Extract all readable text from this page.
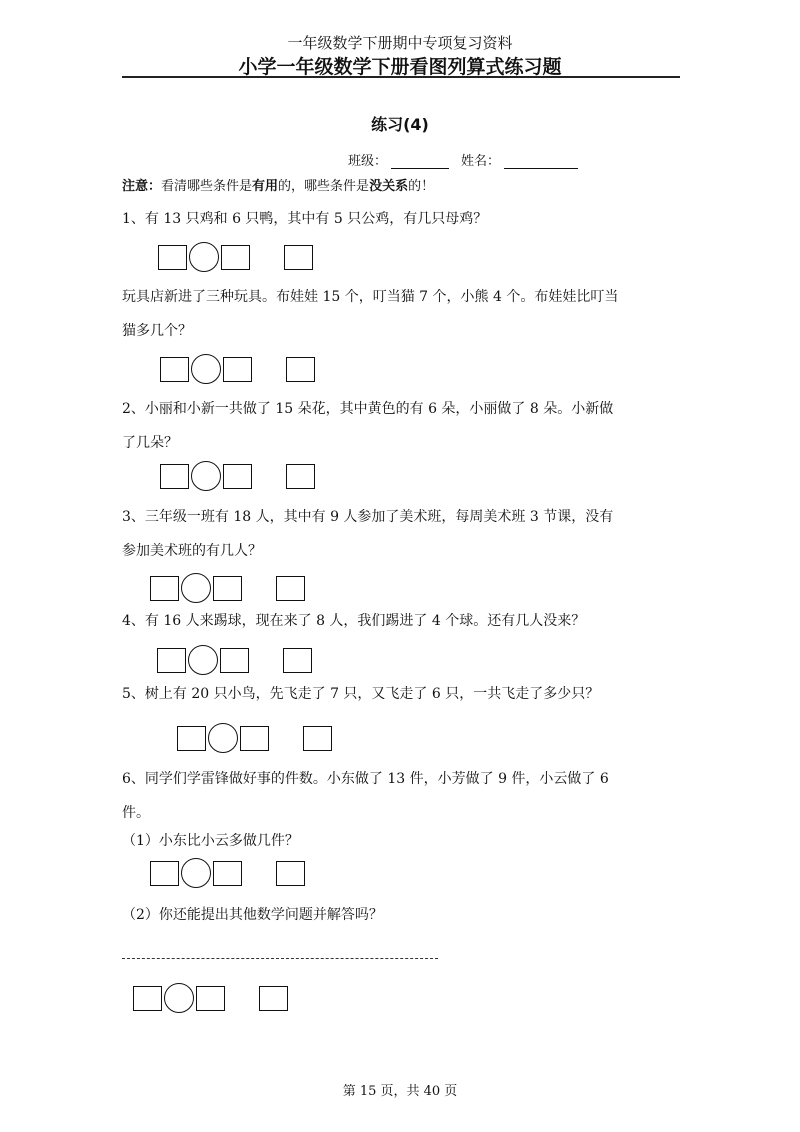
一年级数学下册期中专项复习资料
小学一年级数学下册看图列算式练习题
练习(4)
班级：	姓名：
注意：看清哪些条件是有用的，哪些条件是没关系的！
1、有 13 只鸡和 6 只鸭，其中有 5 只公鸡，有几只母鸡？
玩具店新进了三种玩具。布娃娃 15 个，叮当猫 7 个，小熊 4 个。布娃娃比叮当
猫多几个？
2、小丽和小新一共做了 15 朵花，其中黄色的有 6 朵，小丽做了 8 朵。小新做
了几朵？
3、三年级一班有 18 人，其中有 9 人参加了美术班，每周美术班 3 节课，没有
参加美术班的有几人？
4、有 16 人来踢球，现在来了 8 人，我们踢进了 4 个球。还有几人没来？
5、树上有 20 只小鸟，先飞走了 7 只，又飞走了 6 只，一共飞走了多少只？
6、同学们学雷锋做好事的件数。小东做了 13 件，小芳做了 9 件，小云做了 6
件。
（1）小东比小云多做几件？
（2）你还能提出其他数学问题并解答吗？
第 15 页，共 40 页
